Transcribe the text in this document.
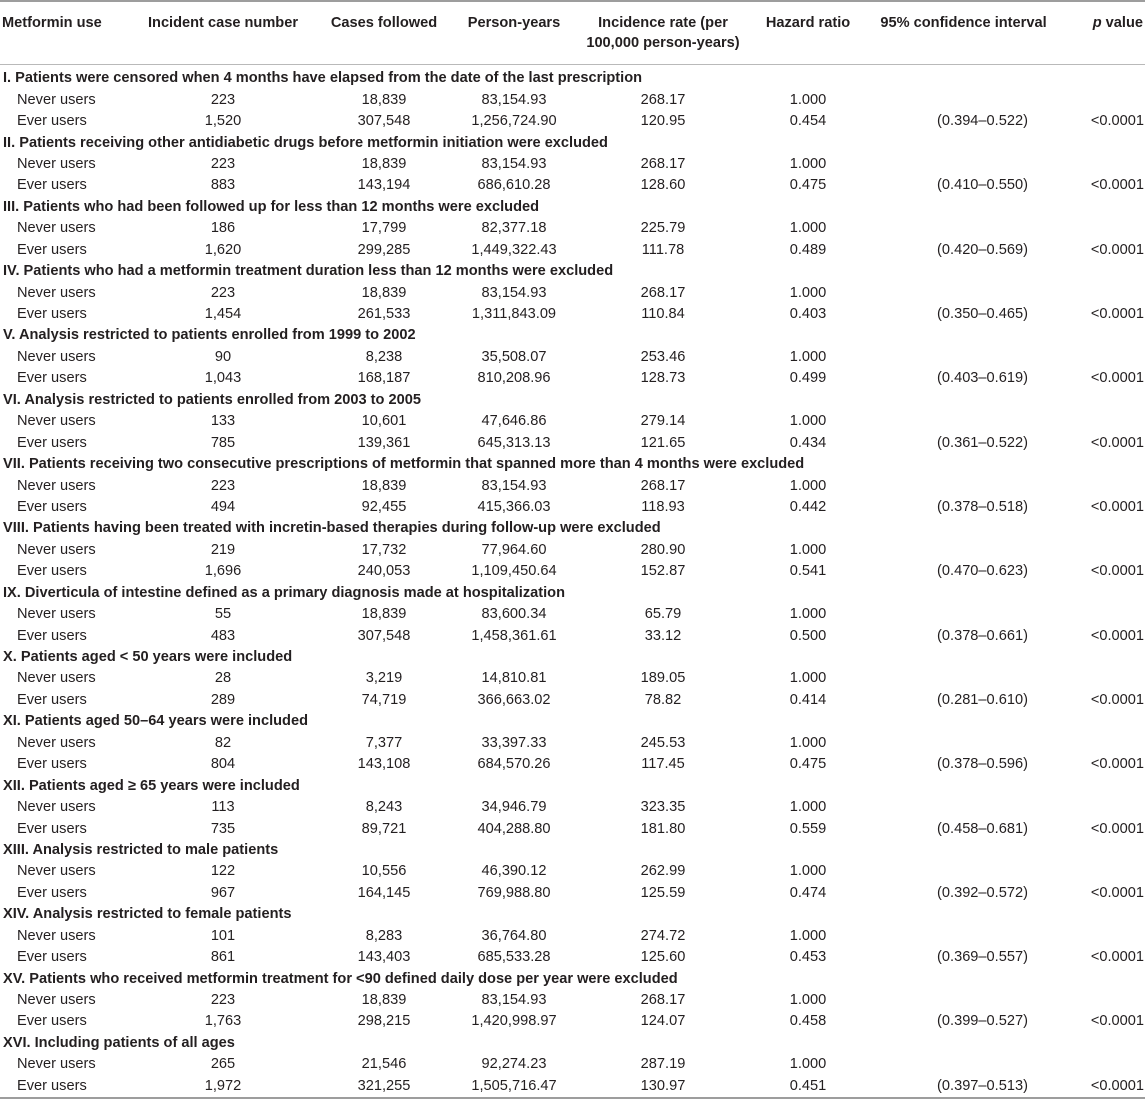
Metformin use	Incident case number	Cases followed	Person-years	Incidence rate (per
100,000 person-years)	Hazard ratio	95% confidence interval	p value
I. Patients were censored when 4 months have elapsed from the date of the last prescription							
Never users	223	18,839	83,154.93	268.17	1.000		
Ever users	1,520	307,548	1,256,724.90	120.95	0.454	(0.394–0.522)	<0.0001
II. Patients receiving other antidiabetic drugs before metformin initiation were excluded							
Never users	223	18,839	83,154.93	268.17	1.000		
Ever users	883	143,194	686,610.28	128.60	0.475	(0.410–0.550)	<0.0001
III. Patients who had been followed up for less than 12 months were excluded							
Never users	186	17,799	82,377.18	225.79	1.000		
Ever users	1,620	299,285	1,449,322.43	111.78	0.489	(0.420–0.569)	<0.0001
IV. Patients who had a metformin treatment duration less than 12 months were excluded							
Never users	223	18,839	83,154.93	268.17	1.000		
Ever users	1,454	261,533	1,311,843.09	110.84	0.403	(0.350–0.465)	<0.0001
V. Analysis restricted to patients enrolled from 1999 to 2002							
Never users	90	8,238	35,508.07	253.46	1.000		
Ever users	1,043	168,187	810,208.96	128.73	0.499	(0.403–0.619)	<0.0001
VI. Analysis restricted to patients enrolled from 2003 to 2005							
Never users	133	10,601	47,646.86	279.14	1.000		
Ever users	785	139,361	645,313.13	121.65	0.434	(0.361–0.522)	<0.0001
VII. Patients receiving two consecutive prescriptions of metformin that spanned more than 4 months were excluded							
Never users	223	18,839	83,154.93	268.17	1.000		
Ever users	494	92,455	415,366.03	118.93	0.442	(0.378–0.518)	<0.0001
VIII. Patients having been treated with incretin-based therapies during follow-up were excluded							
Never users	219	17,732	77,964.60	280.90	1.000		
Ever users	1,696	240,053	1,109,450.64	152.87	0.541	(0.470–0.623)	<0.0001
IX. Diverticula of intestine defined as a primary diagnosis made at hospitalization							
Never users	55	18,839	83,600.34	65.79	1.000		
Ever users	483	307,548	1,458,361.61	33.12	0.500	(0.378–0.661)	<0.0001
X. Patients aged < 50 years were included							
Never users	28	3,219	14,810.81	189.05	1.000		
Ever users	289	74,719	366,663.02	78.82	0.414	(0.281–0.610)	<0.0001
XI. Patients aged 50–64 years were included							
Never users	82	7,377	33,397.33	245.53	1.000		
Ever users	804	143,108	684,570.26	117.45	0.475	(0.378–0.596)	<0.0001
XII. Patients aged ≥ 65 years were included							
Never users	113	8,243	34,946.79	323.35	1.000		
Ever users	735	89,721	404,288.80	181.80	0.559	(0.458–0.681)	<0.0001
XIII. Analysis restricted to male patients							
Never users	122	10,556	46,390.12	262.99	1.000		
Ever users	967	164,145	769,988.80	125.59	0.474	(0.392–0.572)	<0.0001
XIV. Analysis restricted to female patients							
Never users	101	8,283	36,764.80	274.72	1.000		
Ever users	861	143,403	685,533.28	125.60	0.453	(0.369–0.557)	<0.0001
XV. Patients who received metformin treatment for <90 defined daily dose per year were excluded							
Never users	223	18,839	83,154.93	268.17	1.000		
Ever users	1,763	298,215	1,420,998.97	124.07	0.458	(0.399–0.527)	<0.0001
XVI. Including patients of all ages							
Never users	265	21,546	92,274.23	287.19	1.000		
Ever users	1,972	321,255	1,505,716.47	130.97	0.451	(0.397–0.513)	<0.0001
